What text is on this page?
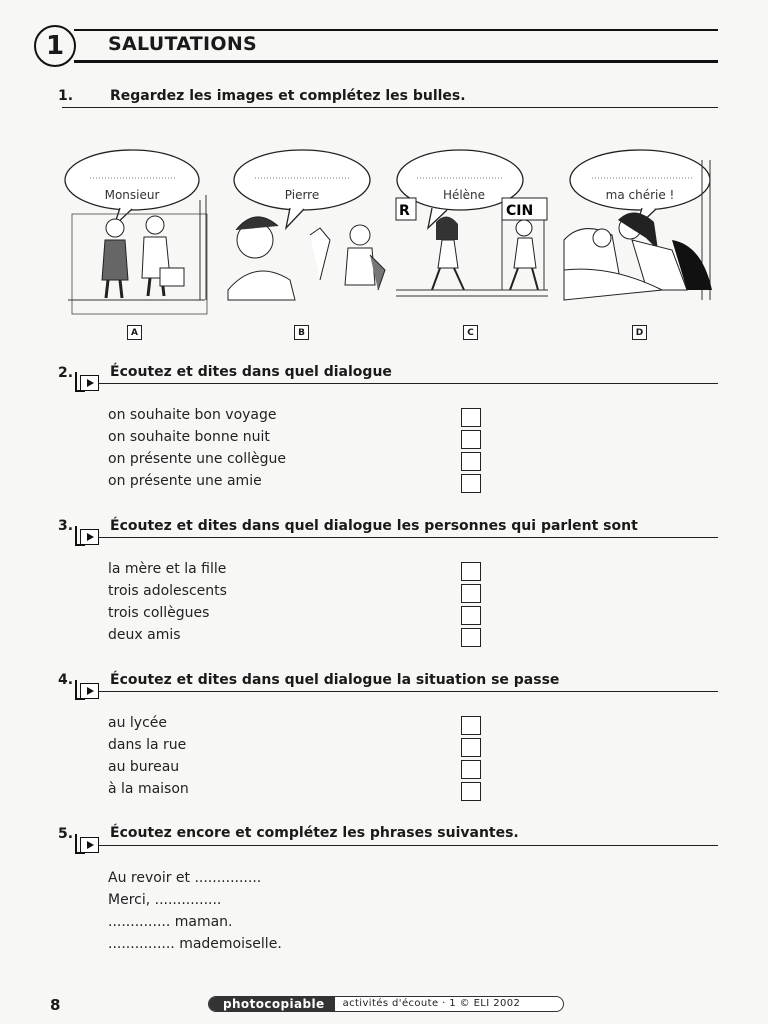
1 SALUTATIONS
1.	Regardez les images et complétez les bulles.
Monsieur	Pierre
R	CIN
Hélène	ma chérie !
A	B	C	D
2.	Écoutez et dites dans quel dialogue
on souhaite bon voyage
on souhaite bonne nuit
on présente une collègue
on présente une amie
3.	Écoutez et dites dans quel dialogue les personnes qui parlent sont
la mère et la fille
trois adolescents
trois collègues
deux amis
4.	Écoutez et dites dans quel dialogue la situation se passe
au lycée
dans la rue
au bureau
à la maison
5.	Écoutez encore et complétez les phrases suivantes.
Au revoir et ...............
Merci, ...............
.............. maman.
............... mademoiselle.
8	photocopiable	activités d'écoute · 1 © ELI 2002
